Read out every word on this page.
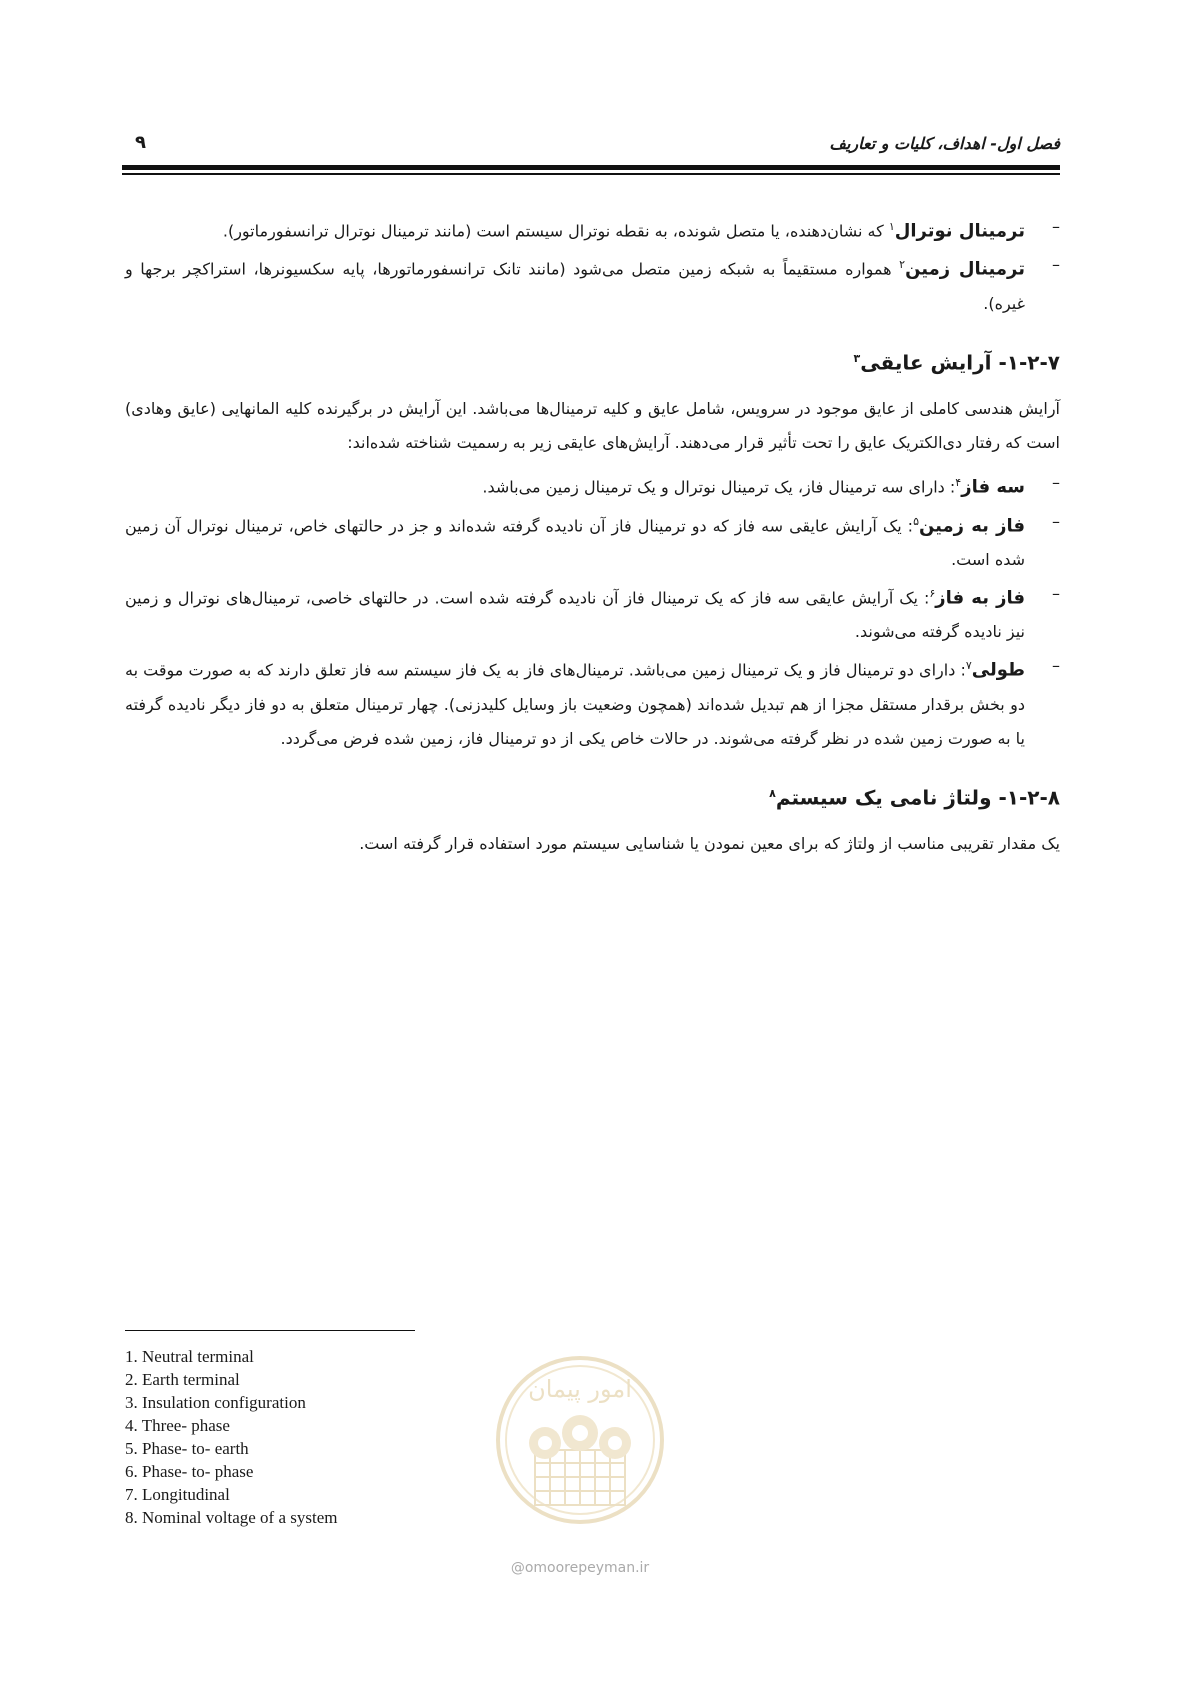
فصل اول- اهداف، کلیات و تعاریف
۹
–
ترمینال نوترال$^۱$ که نشان‌دهنده، یا متصل شونده، به نقطه نوترال سیستم است (مانند ترمینال نوترال ترانسفورماتور).
–
ترمینال زمین$^۲$ همواره مستقیماً به شبکه زمین متصل می‌شود (مانند تانک ترانسفورماتورها، پایه سکسیونرها، استراکچر برجها و غیره).
۱-۲-۷- آرایش عایقی$^۳$
آرایش هندسی کاملی از عایق موجود در سرویس، شامل عایق و کلیه ترمینال‌ها می‌باشد. این آرایش در برگیرنده کلیه المانهایی (عایق وهادی) است که رفتار دی‌الکتریک عایق را تحت تأثیر قرار می‌دهند. آرایش‌های عایقی زیر به رسمیت شناخته شده‌اند:
–
سه فاز$^۴$: دارای سه ترمینال فاز، یک ترمینال نوترال و یک ترمینال زمین می‌باشد.
–
فاز به زمین$^۵$: یک آرایش عایقی سه فاز که دو ترمینال فاز آن نادیده گرفته شده‌اند و جز در حالتهای خاص، ترمینال نوترال آن زمین شده است.
–
فاز به فاز$^۶$: یک آرایش عایقی سه فاز که یک ترمینال فاز آن نادیده گرفته شده است. در حالتهای خاصی، ترمینال‌های نوترال و زمین نیز نادیده گرفته می‌شوند.
–
طولی$^۷$: دارای دو ترمینال فاز و یک ترمینال زمین می‌باشد. ترمینال‌های فاز به یک فاز سیستم سه فاز تعلق دارند که به صورت موقت به دو بخش برقدار مستقل مجزا از هم تبدیل شده‌اند (همچون وضعیت باز وسایل کلیدزنی). چهار ترمینال متعلق به دو فاز دیگر نادیده گرفته یا به صورت زمین شده در نظر گرفته می‌شوند. در حالات خاص یکی از دو ترمینال فاز، زمین شده فرض می‌گردد.
۱-۲-۸- ولتاژ نامی یک سیستم$^۸$
یک مقدار تقریبی مناسب از ولتاژ که برای معین نمودن یا شناسایی سیستم مورد استفاده قرار گرفته است.
1. Neutral terminal
2. Earth terminal
3. Insulation configuration
4. Three- phase
5. Phase- to- earth
6. Phase- to- phase
7. Longitudinal
8. Nominal voltage of a system
امور پیمان
@omoorepeyman.ir
